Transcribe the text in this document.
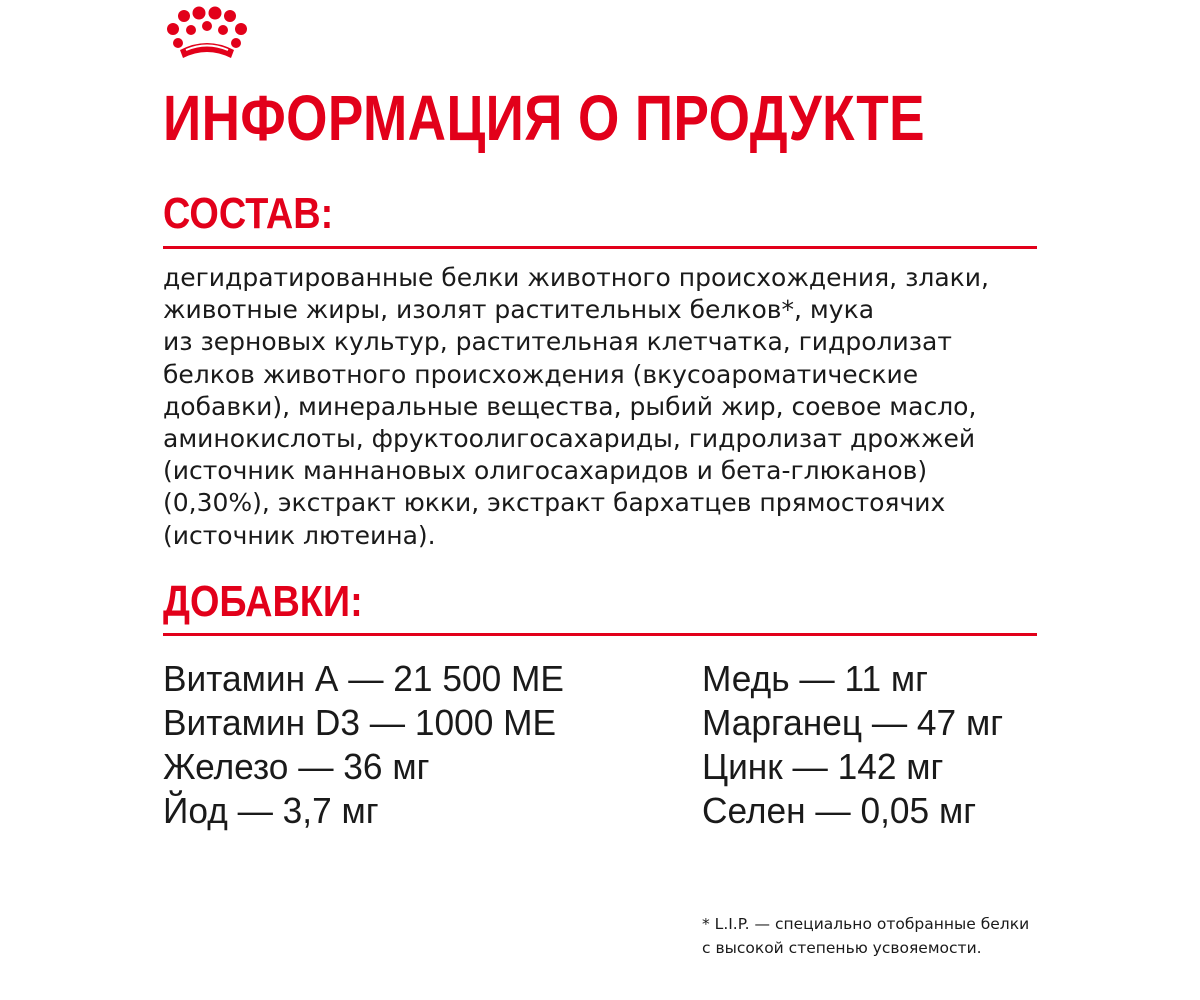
ИНФОРМАЦИЯ О ПРОДУКТЕ
СОСТАВ:

дегидратированные белки животного происхождения, злаки,
животные жиры, изолят растительных белков*, мука
из зерновых культур, растительная клетчатка, гидролизат
белков животного происхождения (вкусоароматические
добавки), минеральные вещества, рыбий жир, соевое масло,
аминокислоты, фруктоолигосахариды, гидролизат дрожжей
(источник маннановых олигосахаридов и бета-глюканов)
(0,30%), экстракт юкки, экстракт бархатцев прямостоячих
(источник лютеина).

ДОБАВКИ:
Витамин А — 21 500 МЕ
Витамин D3 — 1000 МЕ
Железо — 36 мг
Йод — 3,7 мг
Медь — 11 мг
Марганец — 47 мг
Цинк — 142 мг
Селен — 0,05 мг

* L.I.P. — специально отобранные белки
с высокой степенью усвояемости.
